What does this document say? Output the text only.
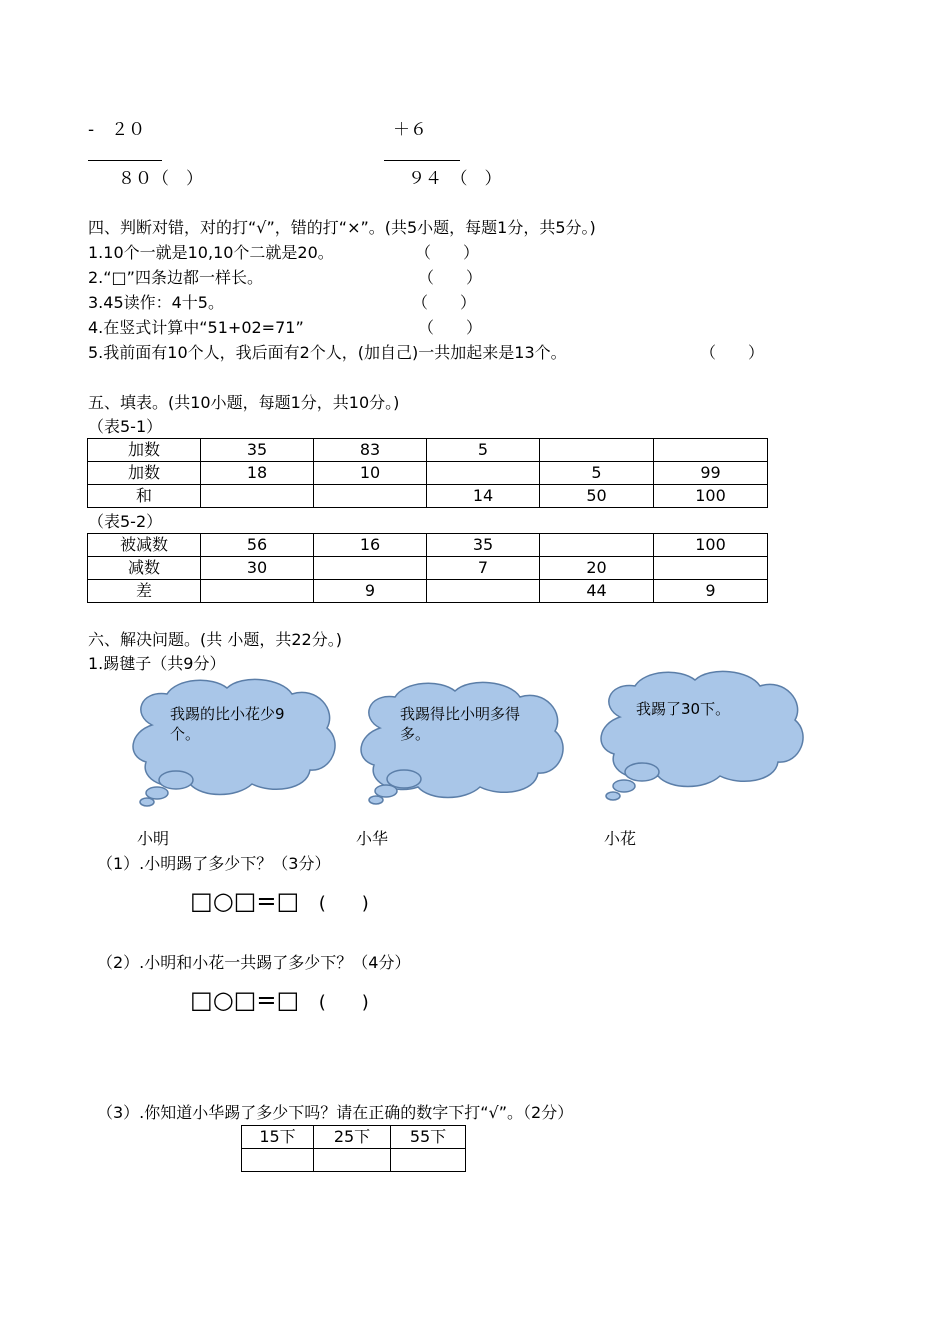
-　２０
８０（　）
＋６
９４　（　）
四、判断对错，对的打“√”，错的打“×”。(共5小题，每题1分，共5分。)
1.10个一就是10,10个二就是20。	（　　）
2.“□”四条边都一样长。	（　　）
3.45读作：4十5。	（　　）
4.在竖式计算中“51+02=71”	（　　）
5.我前面有10个人，我后面有2个人，(加自己)一共加起来是13个。	（　　）
五、填表。(共10小题，每题1分，共10分。)
（表5-1）
加数	35	83	5		
加数	18	10		5	99
和			14	50	100
（表5-2）
被减数	56	16	35		100
减数	30		7	20	
差		9		44	9
六、解决问题。(共 小题，共22分。)
1.踢毽子（共9分）
我踢的比小花少9个。
我踢得比小明多得多。
我踢了30下。
小明	小华	小花
（1）.小明踢了多少下？（3分）
□○□=□ (　　)
（2）.小明和小花一共踢了多少下？（4分）
□○□=□ (　　)
（3）.你知道小华踢了多少下吗？请在正确的数字下打“√”。（2分）
15下	25下	55下
